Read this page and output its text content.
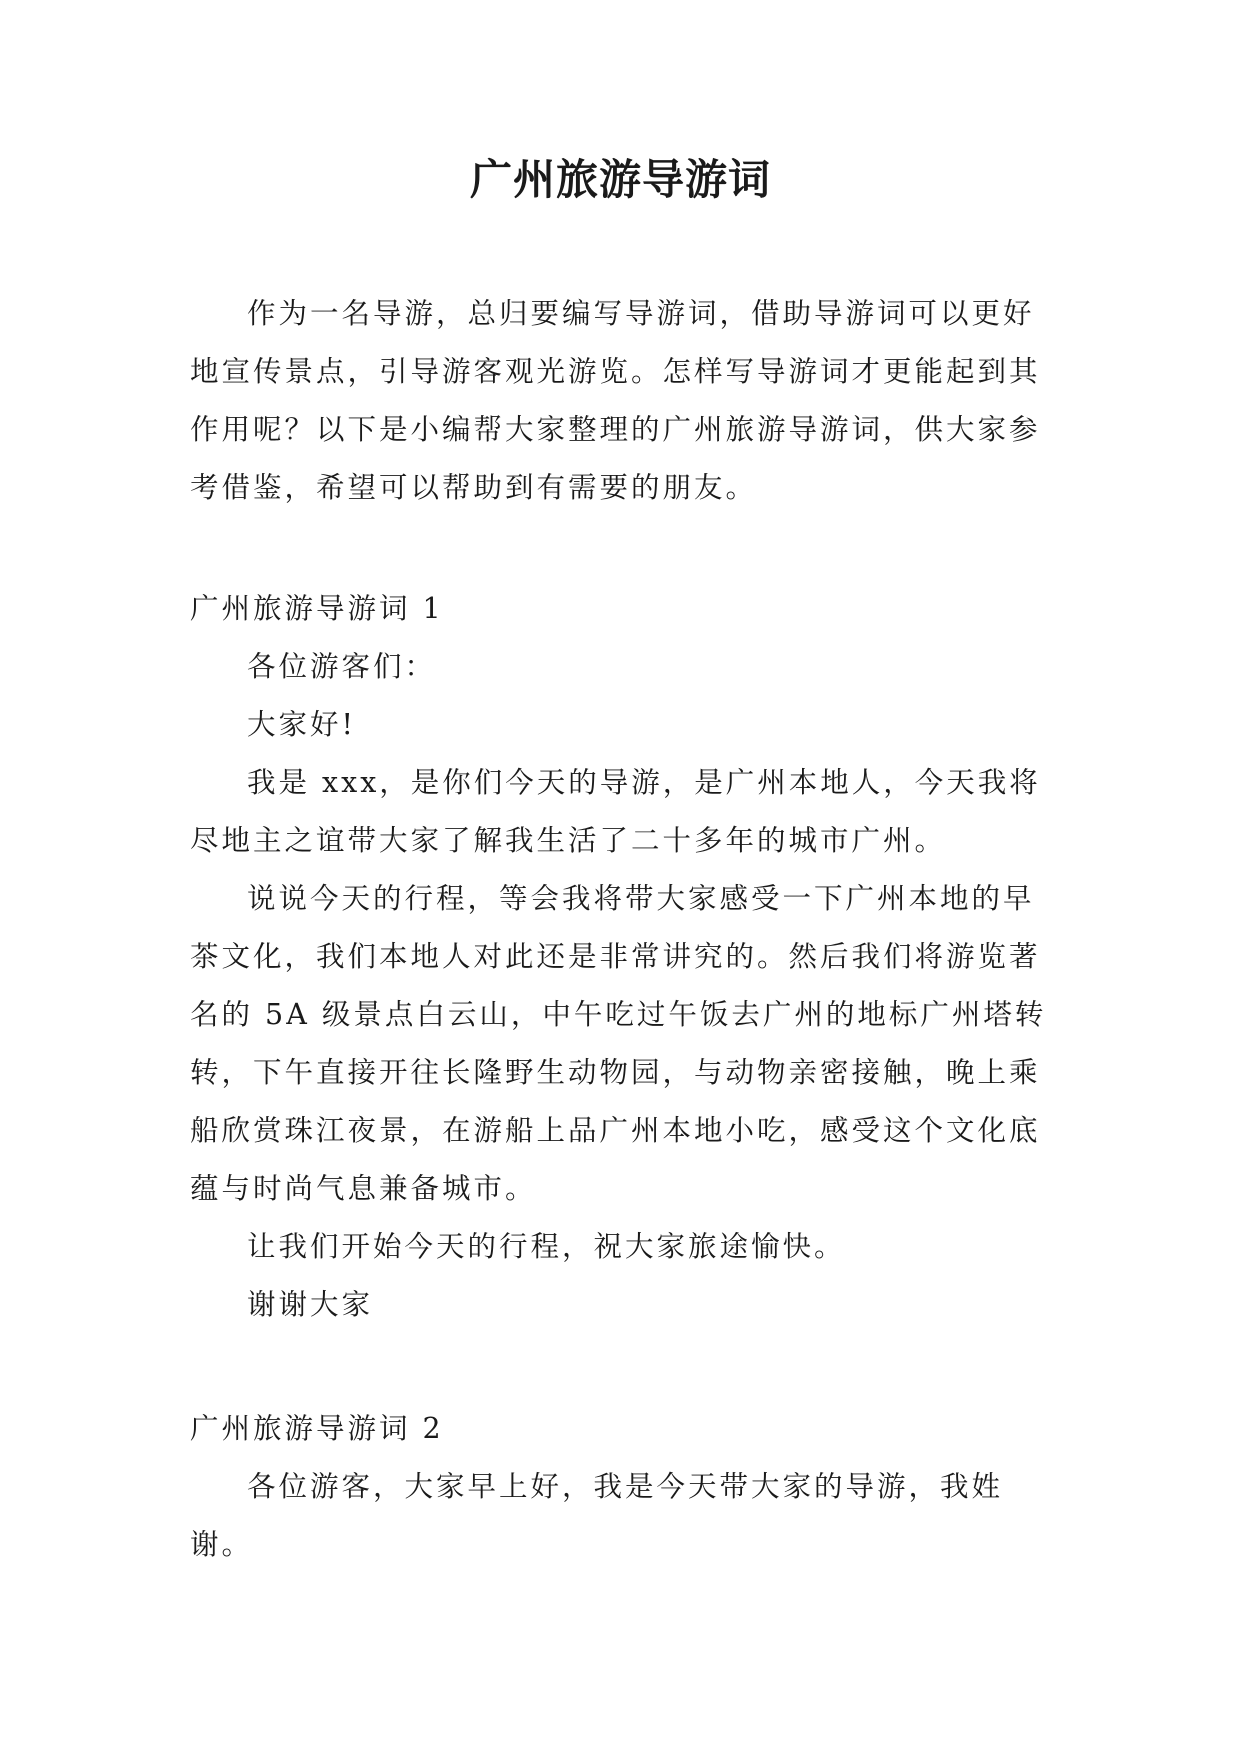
广州旅游导游词
作为一名导游，总归要编写导游词，借助导游词可以更好地宣传景点，引导游客观光游览。怎样写导游词才更能起到其作用呢？以下是小编帮大家整理的广州旅游导游词，供大家参考借鉴，希望可以帮助到有需要的朋友。

广州旅游导游词 1

各位游客们：

大家好!

我是 xxx，是你们今天的导游，是广州本地人，今天我将尽地主之谊带大家了解我生活了二十多年的城市广州。

说说今天的行程，等会我将带大家感受一下广州本地的早茶文化，我们本地人对此还是非常讲究的。然后我们将游览著名的 5A 级景点白云山，中午吃过午饭去广州的地标广州塔转转，下午直接开往长隆野生动物园，与动物亲密接触，晚上乘船欣赏珠江夜景，在游船上品广州本地小吃，感受这个文化底蕴与时尚气息兼备城市。

让我们开始今天的行程，祝大家旅途愉快。

谢谢大家

广州旅游导游词 2

各位游客，大家早上好，我是今天带大家的导游，我姓谢。
